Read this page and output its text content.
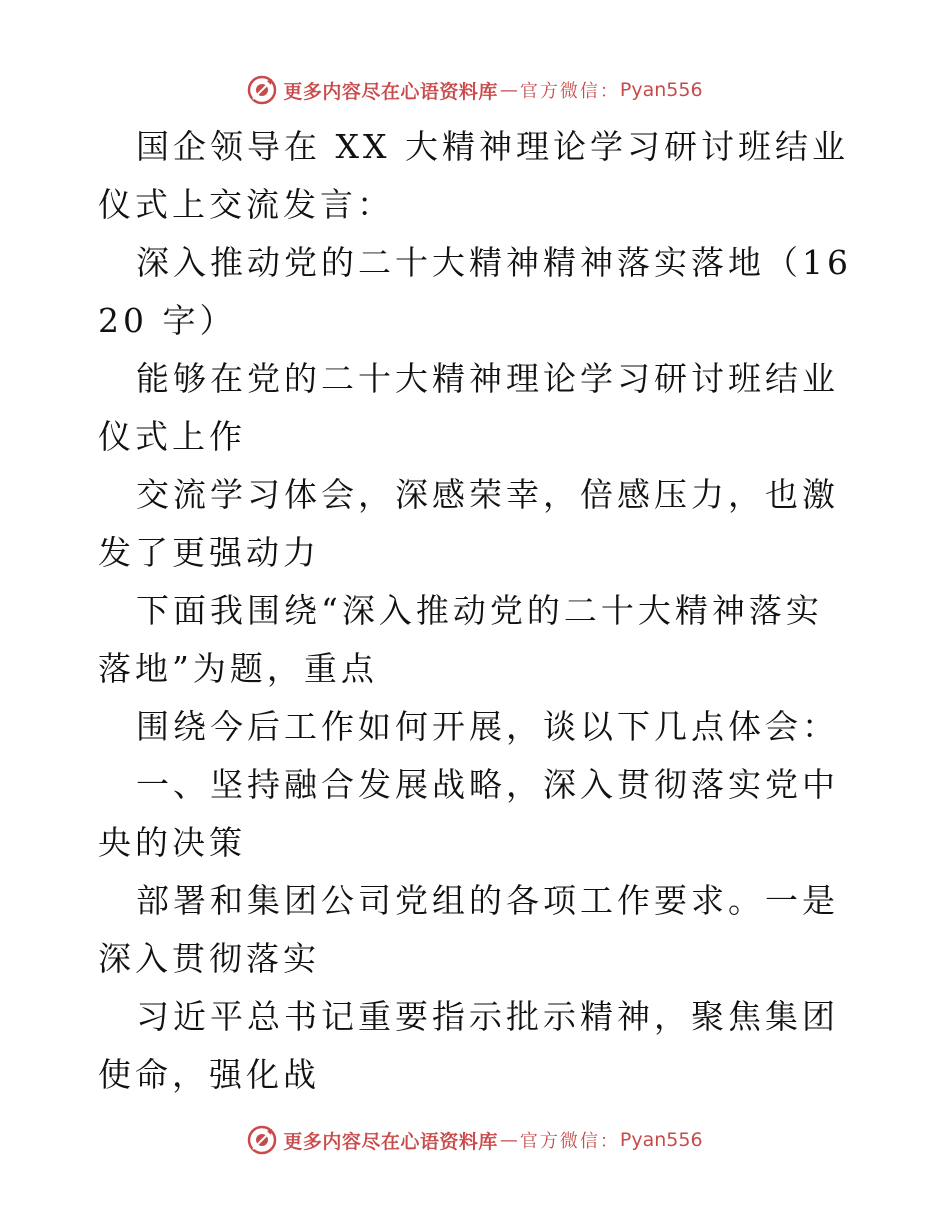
更多内容尽在心语资料库 — 官方微信： Pyan556

国企领导在 XX 大精神理论学习研讨班结业仪式上交流发言：

深入推动党的二十大精神精神落实落地（1620 字）

能够在党的二十大精神理论学习研讨班结业仪式上作

交流学习体会，深感荣幸，倍感压力，也激发了更强动力

下面我围绕“深入推动党的二十大精神落实落地”为题，重点

围绕今后工作如何开展，谈以下几点体会：

一、坚持融合发展战略，深入贯彻落实党中央的决策

部署和集团公司党组的各项工作要求。一是深入贯彻落实

习近平总书记重要指示批示精神，聚焦集团使命，强化战

更多内容尽在心语资料库 — 官方微信： Pyan556
